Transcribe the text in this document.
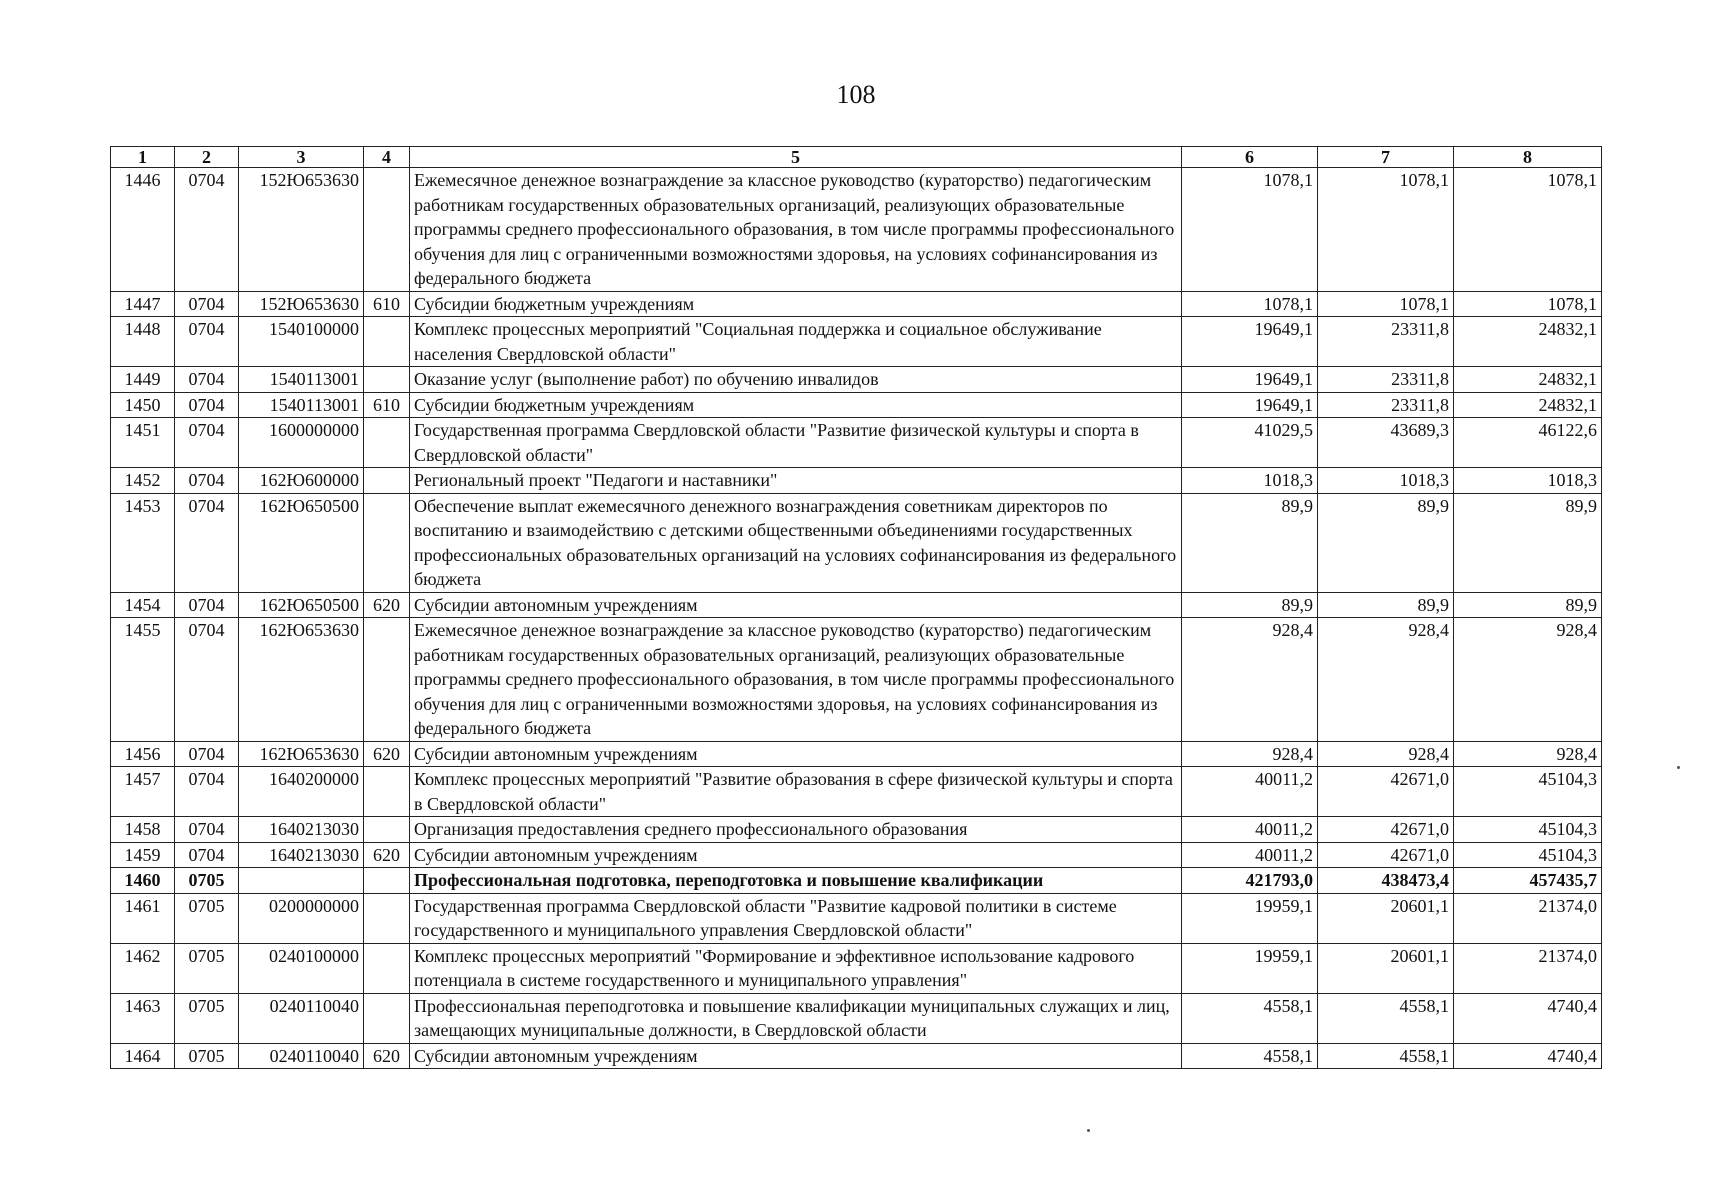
108
1	2	3	4	5	6	7	8
1446	0704	152Ю653630		Ежемесячное денежное вознаграждение за классное руководство (кураторство) педагогическим работникам государственных образовательных организаций, реализующих образовательные программы среднего профессионального образования, в том числе программы профессионального обучения для лиц с ограниченными возможностями здоровья, на условиях софинансирования из федерального бюджета	1078,1	1078,1	1078,1
1447	0704	152Ю653630	610	Субсидии бюджетным учреждениям	1078,1	1078,1	1078,1
1448	0704	1540100000		Комплекс процессных мероприятий "Социальная поддержка и социальное обслуживание населения Свердловской области"	19649,1	23311,8	24832,1
1449	0704	1540113001		Оказание услуг (выполнение работ) по обучению инвалидов	19649,1	23311,8	24832,1
1450	0704	1540113001	610	Субсидии бюджетным учреждениям	19649,1	23311,8	24832,1
1451	0704	1600000000		Государственная программа Свердловской области "Развитие физической культуры и спорта в Свердловской области"	41029,5	43689,3	46122,6
1452	0704	162Ю600000		Региональный проект "Педагоги и наставники"	1018,3	1018,3	1018,3
1453	0704	162Ю650500		Обеспечение выплат ежемесячного денежного вознаграждения советникам директоров по воспитанию и взаимодействию с детскими общественными объединениями государственных профессиональных образовательных организаций на условиях софинансирования из федерального бюджета	89,9	89,9	89,9
1454	0704	162Ю650500	620	Субсидии автономным учреждениям	89,9	89,9	89,9
1455	0704	162Ю653630		Ежемесячное денежное вознаграждение за классное руководство (кураторство) педагогическим работникам государственных образовательных организаций, реализующих образовательные программы среднего профессионального образования, в том числе программы профессионального обучения для лиц с ограниченными возможностями здоровья, на условиях софинансирования из федерального бюджета	928,4	928,4	928,4
1456	0704	162Ю653630	620	Субсидии автономным учреждениям	928,4	928,4	928,4
1457	0704	1640200000		Комплекс процессных мероприятий "Развитие образования в сфере физической культуры и спорта в Свердловской области"	40011,2	42671,0	45104,3
1458	0704	1640213030		Организация предоставления среднего профессионального образования	40011,2	42671,0	45104,3
1459	0704	1640213030	620	Субсидии автономным учреждениям	40011,2	42671,0	45104,3
1460	0705			Профессиональная подготовка, переподготовка и повышение квалификации	421793,0	438473,4	457435,7
1461	0705	0200000000		Государственная программа Свердловской области "Развитие кадровой политики в системе государственного и муниципального управления Свердловской области"	19959,1	20601,1	21374,0
1462	0705	0240100000		Комплекс процессных мероприятий "Формирование и эффективное использование кадрового потенциала в системе государственного и муниципального управления"	19959,1	20601,1	21374,0
1463	0705	0240110040		Профессиональная переподготовка и повышение квалификации муниципальных служащих и лиц, замещающих муниципальные должности, в Свердловской области	4558,1	4558,1	4740,4
1464	0705	0240110040	620	Субсидии автономным учреждениям	4558,1	4558,1	4740,4
